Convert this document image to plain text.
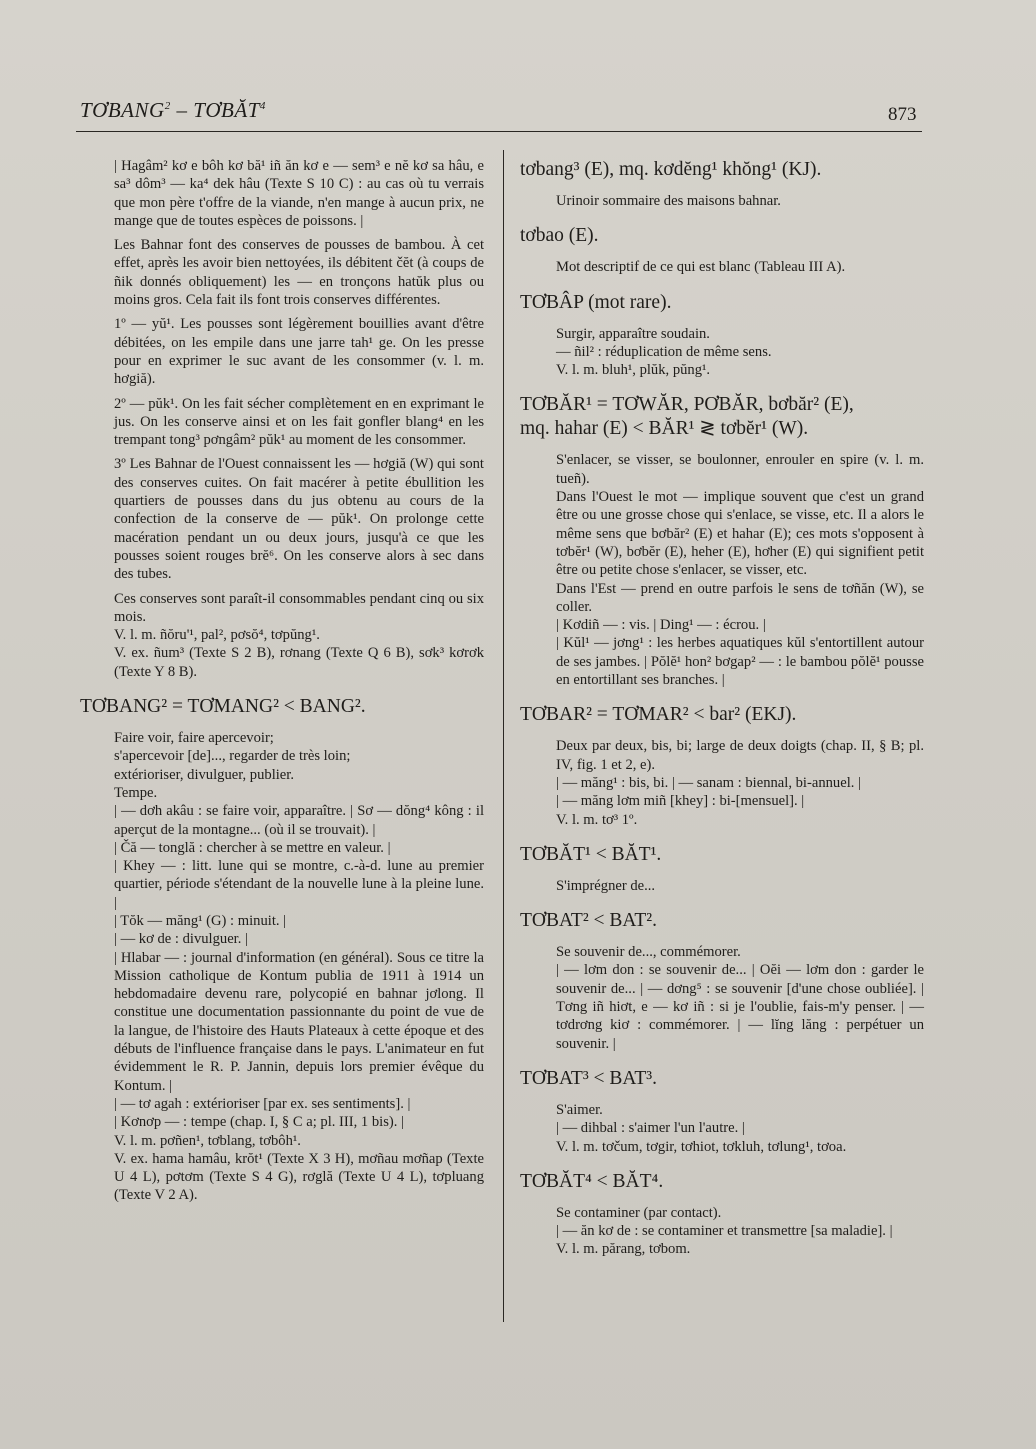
TƠBANG$^2$ – TƠBĂT$^4$	873

| Hagâm² kơ e bôh kơ bă¹ iñ ăn kơ e — sem³ e nĕ kơ sa hâu, e sa³ dôm³ — ka⁴ dek hâu (Texte S 10 C) : au cas où tu verrais que mon père t'offre de la viande, n'en mange à aucun prix, ne mange que de toutes espèces de poissons. |

Les Bahnar font des conserves de pousses de bambou. À cet effet, après les avoir bien nettoyées, ils débitent čĕt (à coups de ñik donnés obliquement) les — en tronçons hatŭk plus ou moins gros. Cela fait ils font trois conserves différentes.

1º — yŭ¹. Les pousses sont légèrement bouillies avant d'être débitées, on les empile dans une jarre tah¹ ge. On les presse pour en exprimer le suc avant de les consommer (v. l. m. hơgiă).

2º — pŭk¹. On les fait sécher complètement en en exprimant le jus. On les conserve ainsi et on les fait gonfler blang⁴ en les trempant tong³ pơngâm² pŭk¹ au moment de les consommer.

3º Les Bahnar de l'Ouest connaissent les — hơgiă (W) qui sont des conserves cuites. On fait macérer à petite ébullition les quartiers de pousses dans du jus obtenu au cours de la confection de la conserve de — pŭk¹. On prolonge cette macération pendant un ou deux jours, jusqu'à ce que les pousses soient rouges brĕ⁶. On les conserve alors à sec dans des tubes.

Ces conserves sont paraît-il consommables pendant cinq ou six mois.

V. l. m. ñŏru'¹, pal², pơsŏ⁴, tơpŭng¹.

V. ex. ñum³ (Texte S 2 B), rơnang (Texte Q 6 B), sơk³ kơrơk (Texte Y 8 B).

TƠBANG² = TƠMANG² < BANG².

Faire voir, faire apercevoir;

s'apercevoir [de]..., regarder de très loin;

extérioriser, divulguer, publier.

Tempe.

| — dơh akâu : se faire voir, apparaître. | Sơ — dŏng⁴ kông : il aperçut de la montagne... (où il se trouvait). |

| Čă — tonglă : chercher à se mettre en valeur. |

| Khey — : litt. lune qui se montre, c.-à-d. lune au premier quartier, période s'étendant de la nouvelle lune à la pleine lune. |

| Tŏk — măng¹ (G) : minuit. |

| — kơ de : divulguer. |

| Hlabar — : journal d'information (en général). Sous ce titre la Mission catholique de Kontum publia de 1911 à 1914 un hebdomadaire devenu rare, polycopié en bahnar jơlong. Il constitue une documentation passionnante du point de vue de la langue, de l'histoire des Hauts Plateaux à cette époque et des débuts de l'influence française dans le pays. L'animateur en fut évidemment le R. P. Jannin, depuis lors premier évêque du Kontum. |

| — tơ agah : extérioriser [par ex. ses sentiments]. |

| Kơnơp — : tempe (chap. I, § C a; pl. III, 1 bis). |

V. l. m. pơñen¹, tơblang, tơbôh¹.

V. ex. hama hamâu, krŏt¹ (Texte X 3 H), mơñau mơñap (Texte U 4 L), pơtơm (Texte S 4 G), rơglă (Texte U 4 L), tơpluang (Texte V 2 A).

tơbang³ (E), mq. kơdĕng¹ khŏng¹ (KJ).

Urinoir sommaire des maisons bahnar.

tơbao (E).

Mot descriptif de ce qui est blanc (Tableau III A).

TƠBÂP (mot rare).

Surgir, apparaître soudain.

— ñil² : réduplication de même sens.

V. l. m. bluh¹, plŭk, pŭng¹.

TƠBĂR¹ = TƠWĂR, PƠBĂR, bơbăr² (E),

mq. hahar (E) < BĂR¹ ≷ tơbĕr¹ (W).

S'enlacer, se visser, se boulonner, enrouler en spire (v. l. m. tueñ).

Dans l'Ouest le mot — implique souvent que c'est un grand être ou une grosse chose qui s'enlace, se visse, etc. Il a alors le même sens que bơbăr² (E) et hahar (E); ces mots s'opposent à tơbĕr¹ (W), bơbĕr (E), heher (E), hơher (E) qui signifient petit être ou petite chose s'enlacer, se visser, etc.

Dans l'Est — prend en outre parfois le sens de tơñăn (W), se coller.

| Kơdiñ — : vis. | Ding¹ — : écrou. |

| Kŭl¹ — jơng¹ : les herbes aquatiques kŭl s'entortillent autour de ses jambes. | Pŏlĕ¹ hon² bơgap² — : le bambou pŏlĕ¹ pousse en entortillant ses branches. |

TƠBAR² = TƠMAR² < bar² (EKJ).

Deux par deux, bis, bi; large de deux doigts (chap. II, § B; pl. IV, fig. 1 et 2, e).

| — măng¹ : bis, bi. | — sanam : biennal, bi-annuel. |

| — măng lơm miñ [khey] : bi-[mensuel]. |

V. l. m. tơ³ 1º.

TƠBĂT¹ < BĂT¹.

S'imprégner de...

TƠBAT² < BAT².

Se souvenir de..., commémorer.

| — lơm don : se souvenir de... | Oĕi — lơm don : garder le souvenir de... | — dơng⁵ : se souvenir [d'une chose oubliée]. | Tơng iñ hiơt, e — kơ iñ : si je l'oublie, fais-m'y penser. | — tơdrơng kiơ : commémorer. | — lĭng lăng : perpétuer un souvenir. |

TƠBAT³ < BAT³.

S'aimer.

| — dihbal : s'aimer l'un l'autre. |

V. l. m. tơčum, tơgir, tơhiot, tơkluh, tơlung¹, tơoa.

TƠBĂT⁴ < BĂT⁴.

Se contaminer (par contact).

| — ăn kơ de : se contaminer et transmettre [sa maladie]. |

V. l. m. părang, tơbom.
